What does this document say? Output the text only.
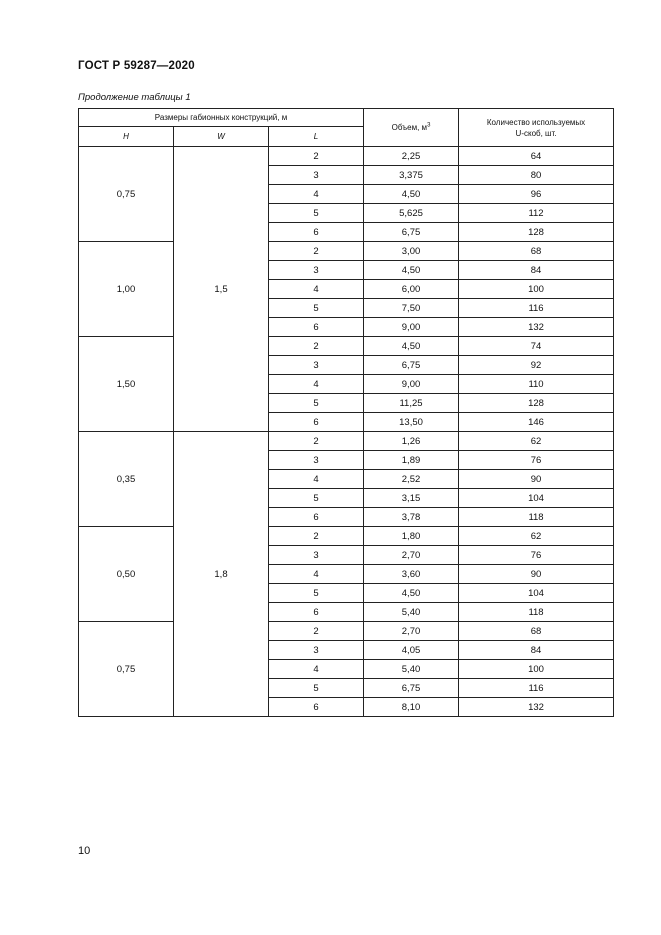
ГОСТ Р 59287—2020
Продолжение таблицы 1
Размеры габионных конструкций, м			Объем, $м^3$	Количество используемых
U-скоб, шт.
H	W	L		
0,75	1,5	2	2,25	64
		3	3,375	80
		4	4,50	96
		5	5,625	112
		6	6,75	128
1,00		2	3,00	68
		3	4,50	84
		4	6,00	100
		5	7,50	116
		6	9,00	132
1,50		2	4,50	74
		3	6,75	92
		4	9,00	110
		5	11,25	128
		6	13,50	146
0,35	1,8	2	1,26	62
		3	1,89	76
		4	2,52	90
		5	3,15	104
		6	3,78	118
0,50		2	1,80	62
		3	2,70	76
		4	3,60	90
		5	4,50	104
		6	5,40	118
0,75		2	2,70	68
		3	4,05	84
		4	5,40	100
		5	6,75	116
		6	8,10	132
10
